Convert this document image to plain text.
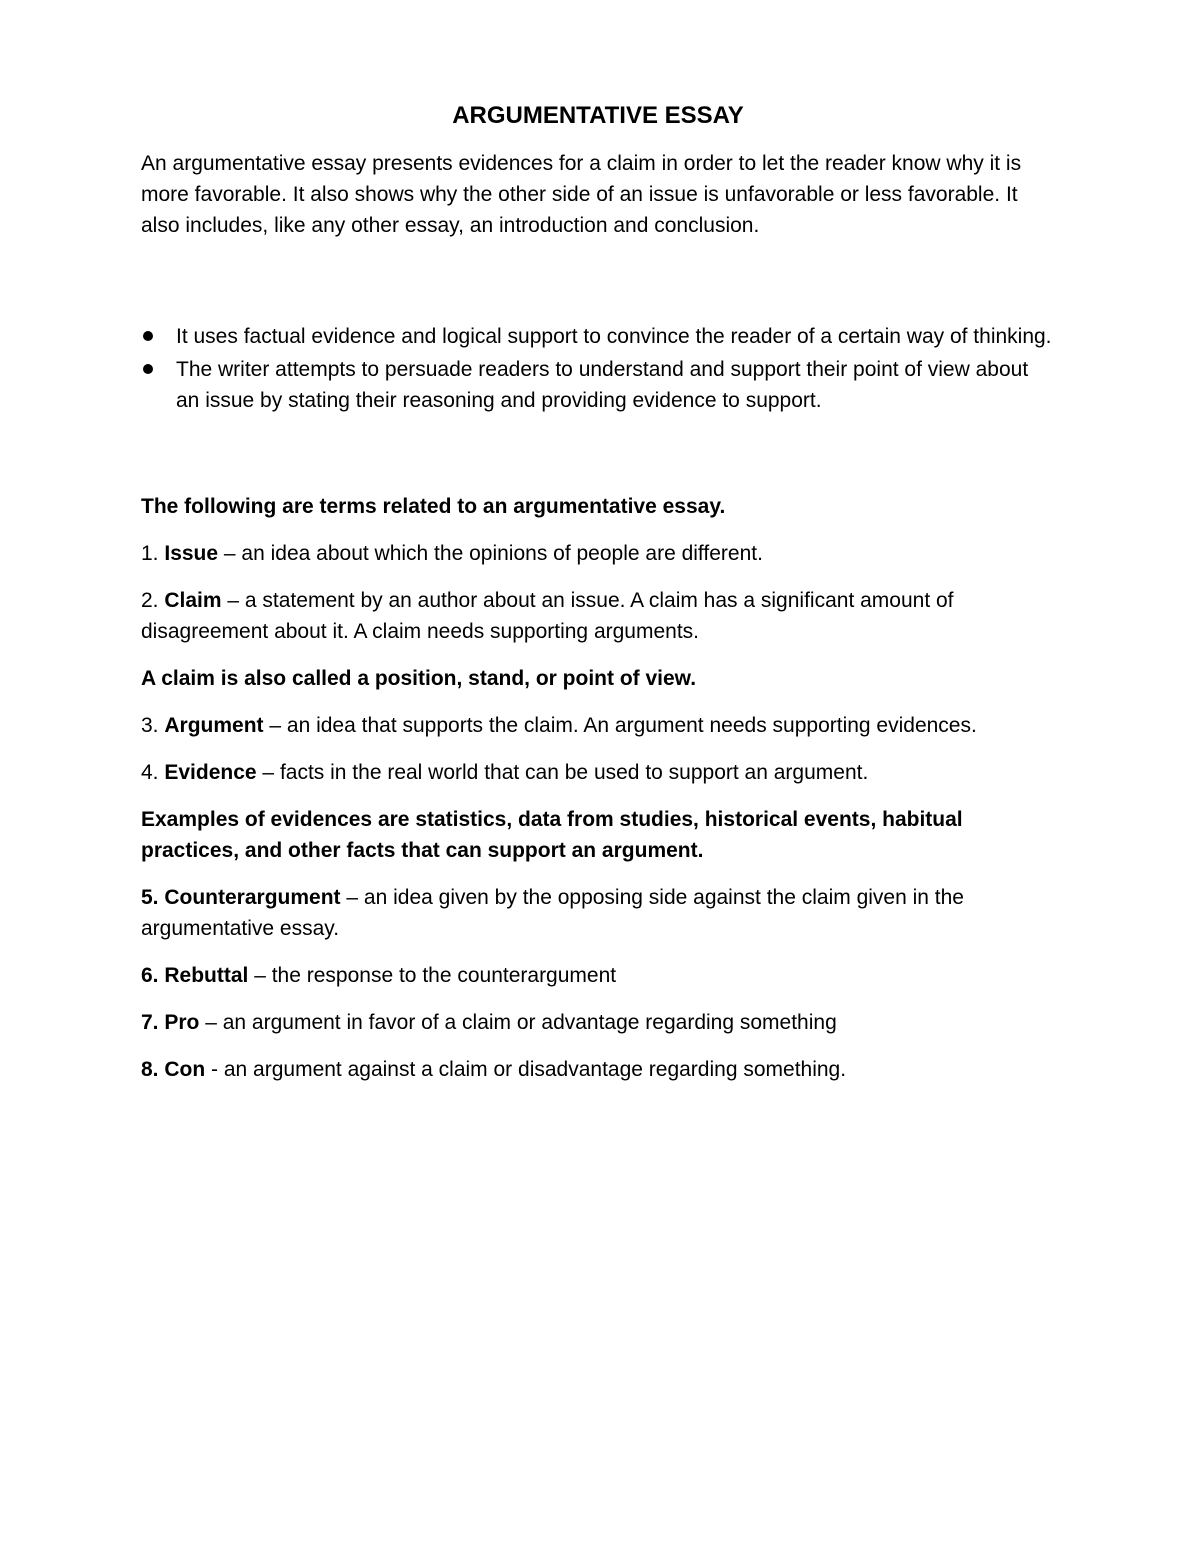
ARGUMENTATIVE ESSAY

An argumentative essay presents evidences for a claim in order to let the reader know why it is more favorable. It also shows why the other side of an issue is unfavorable or less favorable. It also includes, like any other essay, an introduction and conclusion.

It uses factual evidence and logical support to convince the reader of a certain way of thinking.
The writer attempts to persuade readers to understand and support their point of view about an issue by stating their reasoning and providing evidence to support.

The following are terms related to an argumentative essay.

1. Issue – an idea about which the opinions of people are different.

2. Claim – a statement by an author about an issue. A claim has a significant amount of disagreement about it. A claim needs supporting arguments.

A claim is also called a position, stand, or point of view.

3. Argument – an idea that supports the claim. An argument needs supporting evidences.

4. Evidence – facts in the real world that can be used to support an argument.

Examples of evidences are statistics, data from studies, historical events, habitual practices, and other facts that can support an argument.

5. Counterargument – an idea given by the opposing side against the claim given in the argumentative essay.

6. Rebuttal – the response to the counterargument

7. Pro – an argument in favor of a claim or advantage regarding something

8. Con - an argument against a claim or disadvantage regarding something.
